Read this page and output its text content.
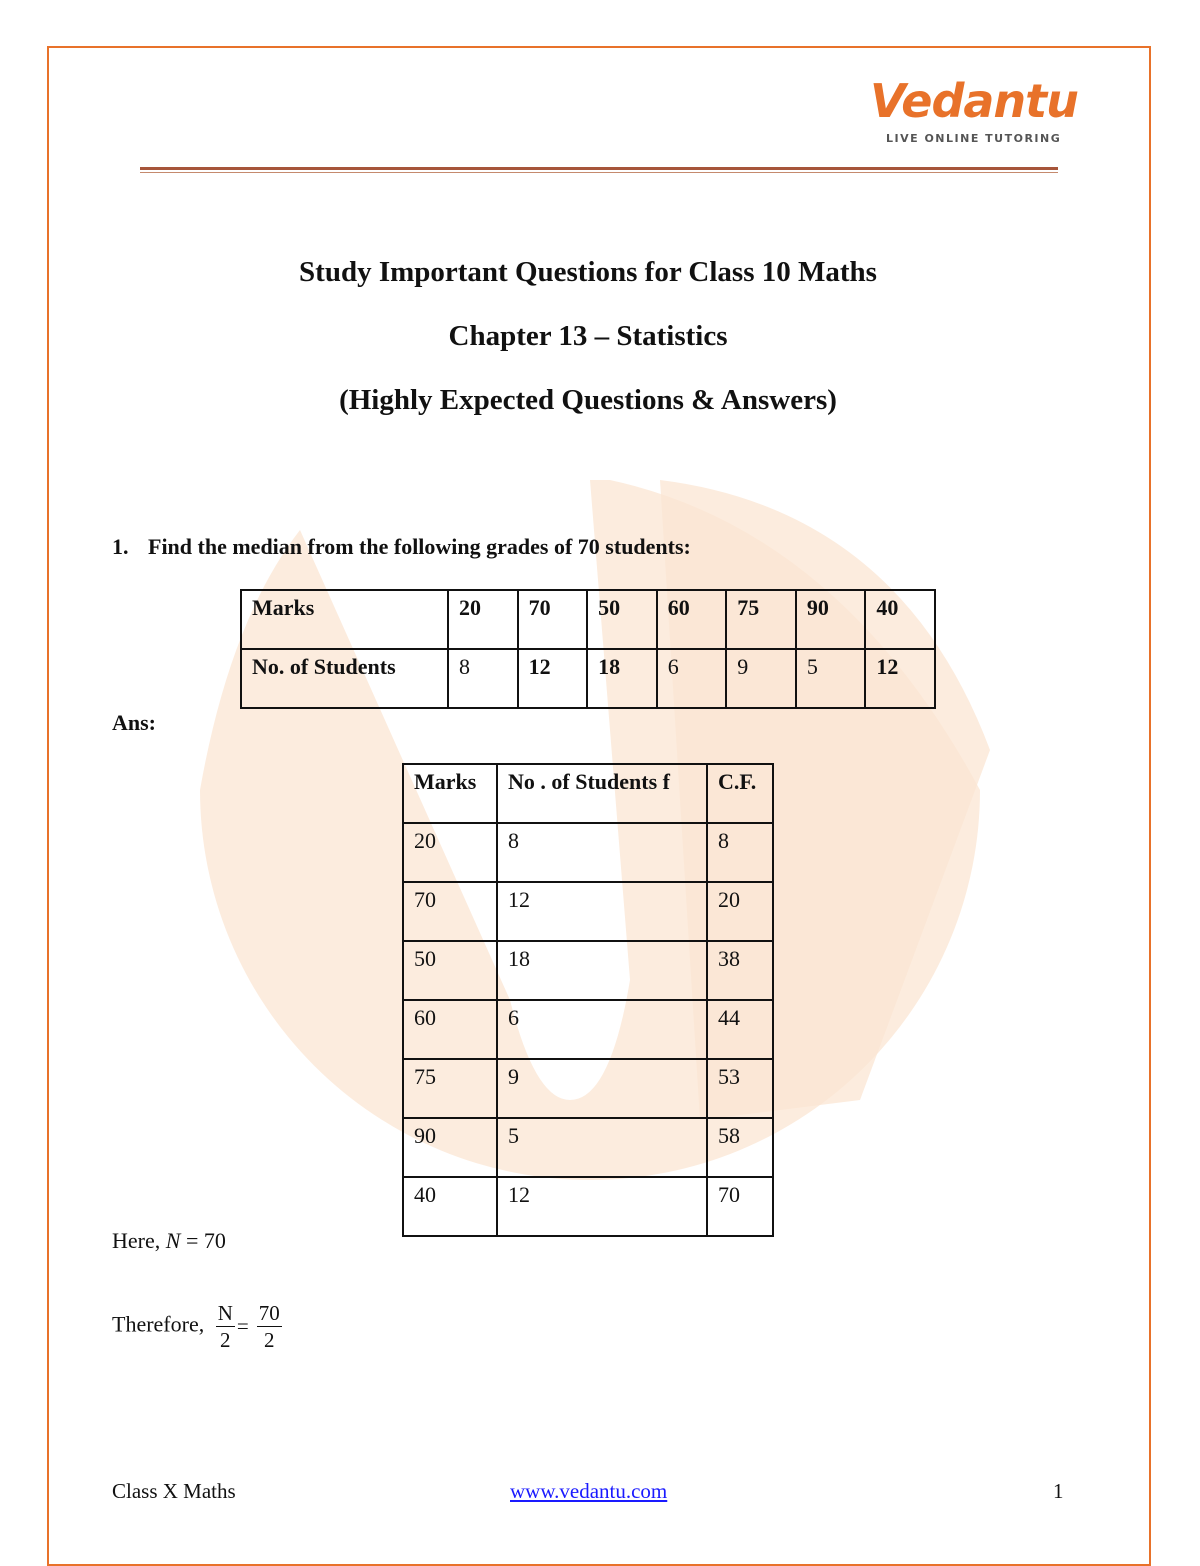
Vedantu
LIVE ONLINE TUTORING
Study Important Questions for Class 10 Maths
Chapter 13 – Statistics
(Highly Expected Questions & Answers)
1. Find the median from the following grades of 70 students:
Marks	20	70	50	60	75	90	40
No. of Students	8	12	18	6	9	5	12
Ans:
Marks	No . of Students f	C.F.
20	8	8
70	12	20
50	18	38
60	6	44
75	9	53
90	5	58
40	12	70
Here, N = 70
Therefore, $\frac{N}{2} = \frac{70}{2}$
Class X Maths	www.vedantu.com	1
